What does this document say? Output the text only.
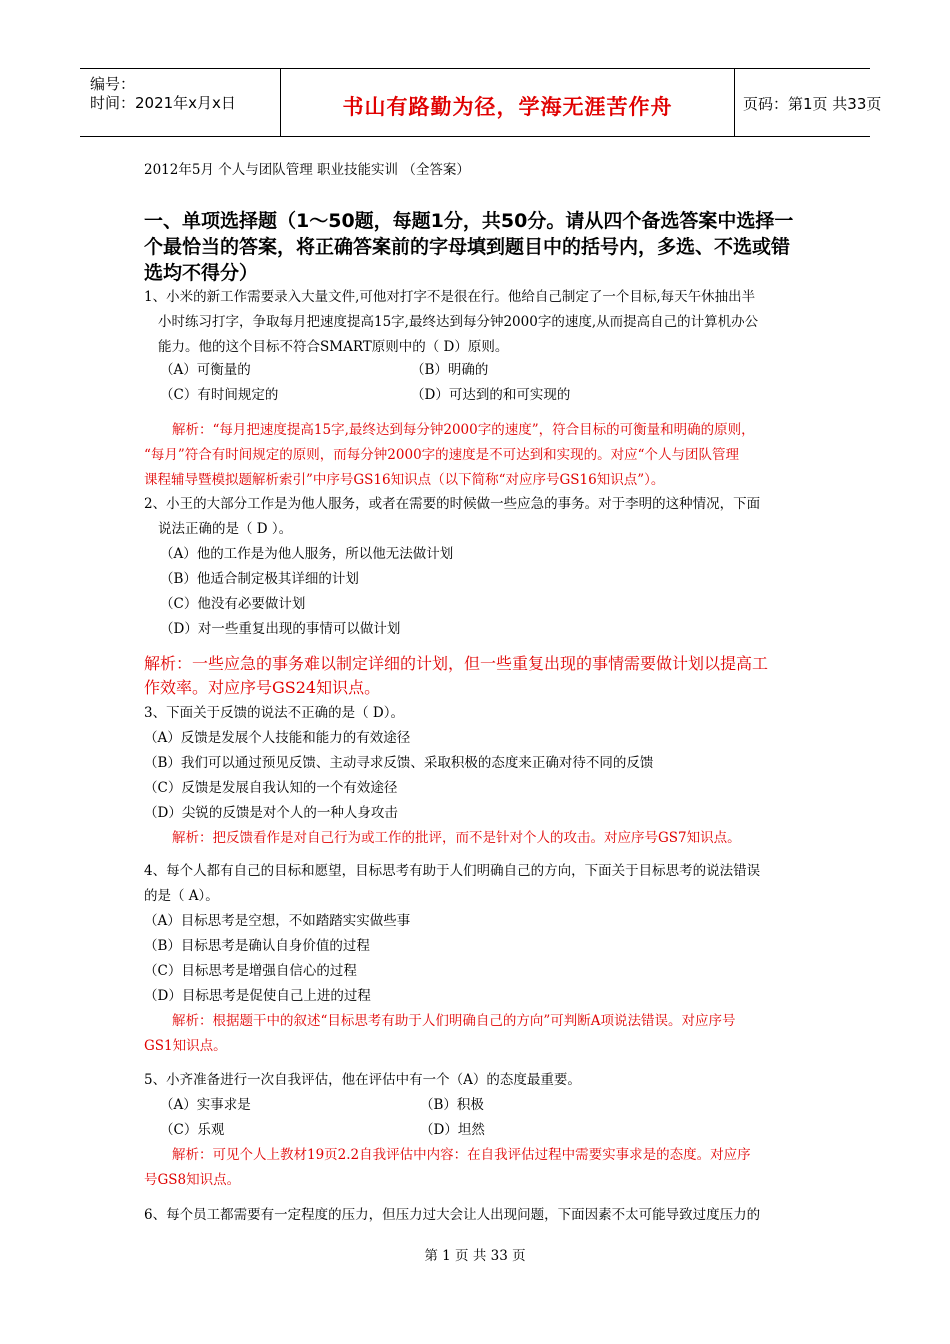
编号：
时间：2021年x月x日	书山有路勤为径，学海无涯苦作舟	页码：第1页 共33页
2012年5月 个人与团队管理 职业技能实训 （全答案）
一、单项选择题（1～50题，每题1分，共50分。请从四个备选答案中选择一
个最恰当的答案，将正确答案前的字母填到题目中的括号内，多选、不选或错
选均不得分）
1、小米的新工作需要录入大量文件,可他对打字不是很在行。他给自己制定了一个目标,每天午休抽出半
小时练习打字，争取每月把速度提高15字,最终达到每分钟2000字的速度,从而提高自己的计算机办公
能力。他的这个目标不符合SMART原则中的（ D）原则。
（A）可衡量的	（B）明确的
（C）有时间规定的	（D）可达到的和可实现的
解析：“每月把速度提高15字,最终达到每分钟2000字的速度”，符合目标的可衡量和明确的原则，
“每月”符合有时间规定的原则，而每分钟2000字的速度是不可达到和实现的。对应“个人与团队管理
课程辅导暨模拟题解析索引”中序号GS16知识点（以下简称“对应序号GS16知识点”）。
2、小王的大部分工作是为他人服务，或者在需要的时候做一些应急的事务。对于李明的这种情况，下面
说法正确的是（ D ）。
（A）他的工作是为他人服务，所以他无法做计划
（B）他适合制定极其详细的计划
（C）他没有必要做计划
（D）对一些重复出现的事情可以做计划
解析：一些应急的事务难以制定详细的计划，但一些重复出现的事情需要做计划以提高工
作效率。对应序号GS24知识点。
3、下面关于反馈的说法不正确的是（ D）。
（A）反馈是发展个人技能和能力的有效途径
（B）我们可以通过预见反馈、主动寻求反馈、采取积极的态度来正确对待不同的反馈
（C）反馈是发展自我认知的一个有效途径
（D）尖锐的反馈是对个人的一种人身攻击
解析：把反馈看作是对自己行为或工作的批评，而不是针对个人的攻击。对应序号GS7知识点。
4、每个人都有自己的目标和愿望，目标思考有助于人们明确自己的方向，下面关于目标思考的说法错误
的是（ A）。
（A）目标思考是空想，不如踏踏实实做些事
（B）目标思考是确认自身价值的过程
（C）目标思考是增强自信心的过程
（D）目标思考是促使自己上进的过程
解析：根据题干中的叙述“目标思考有助于人们明确自己的方向”可判断A项说法错误。对应序号
GS1知识点。
5、小齐准备进行一次自我评估，他在评估中有一个（A）的态度最重要。
（A）实事求是	（B）积极
（C）乐观	（D）坦然
解析：可见个人上教材19页2.2自我评估中内容：在自我评估过程中需要实事求是的态度。对应序
号GS8知识点。
6、每个员工都需要有一定程度的压力，但压力过大会让人出现问题，下面因素不太可能导致过度压力的
第 1 页 共 33 页
